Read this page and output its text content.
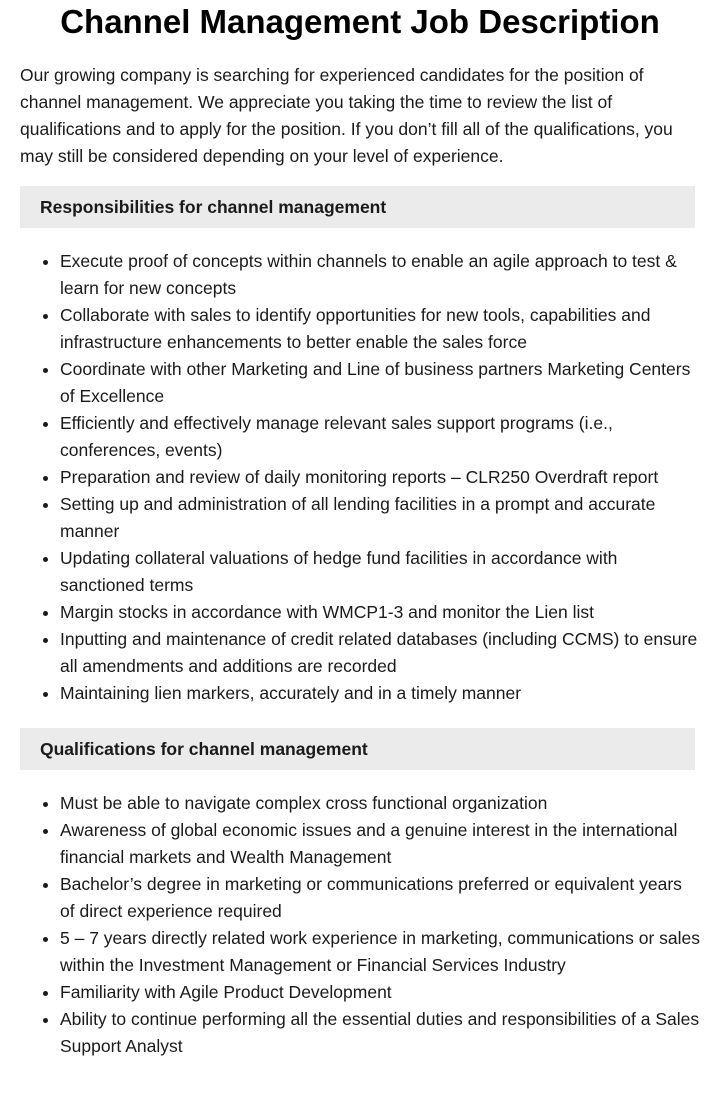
Channel Management Job Description

Our growing company is searching for experienced candidates for the position of channel management. We appreciate you taking the time to review the list of qualifications and to apply for the position. If you don’t fill all of the qualifications, you may still be considered depending on your level of experience.

Responsibilities for channel management
• Execute proof of concepts within channels to enable an agile approach to test & learn for new concepts
• Collaborate with sales to identify opportunities for new tools, capabilities and infrastructure enhancements to better enable the sales force
• Coordinate with other Marketing and Line of business partners Marketing Centers of Excellence
• Efficiently and effectively manage relevant sales support programs (i.e., conferences, events)
• Preparation and review of daily monitoring reports – CLR250 Overdraft report
• Setting up and administration of all lending facilities in a prompt and accurate manner
• Updating collateral valuations of hedge fund facilities in accordance with sanctioned terms
• Margin stocks in accordance with WMCP1-3 and monitor the Lien list
• Inputting and maintenance of credit related databases (including CCMS) to ensure all amendments and additions are recorded
• Maintaining lien markers, accurately and in a timely manner
Qualifications for channel management
• Must be able to navigate complex cross functional organization
• Awareness of global economic issues and a genuine interest in the international financial markets and Wealth Management
• Bachelor’s degree in marketing or communications preferred or equivalent years of direct experience required
• 5 – 7 years directly related work experience in marketing, communications or sales within the Investment Management or Financial Services Industry
• Familiarity with Agile Product Development
• Ability to continue performing all the essential duties and responsibilities of a Sales Support Analyst
